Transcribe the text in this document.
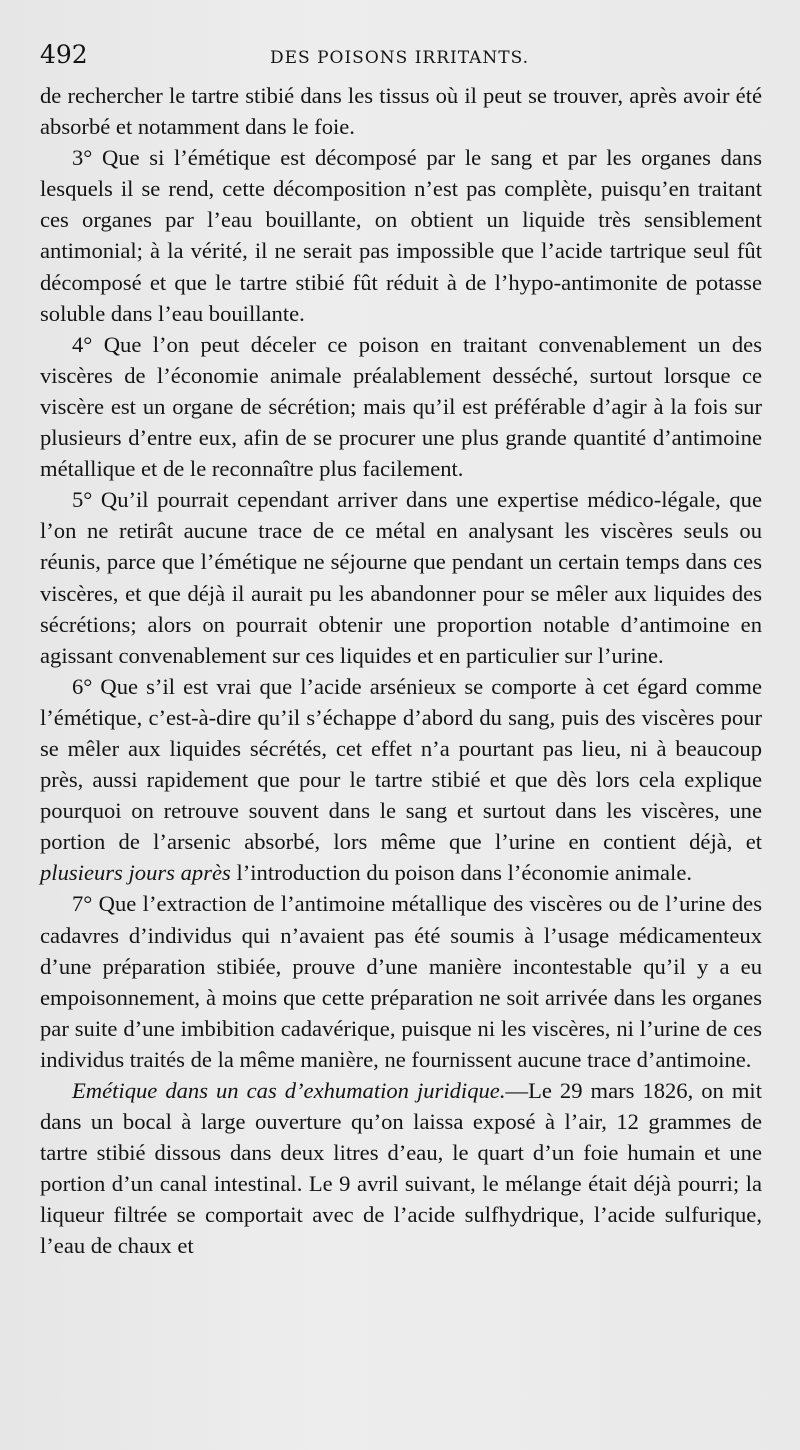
492	DES POISONS IRRITANTS.

de rechercher le tartre stibié dans les tissus où il peut se trouver, après avoir été absorbé et notamment dans le foie.

3° Que si l’émétique est décomposé par le sang et par les organes dans lesquels il se rend, cette décomposition n’est pas complète, puisqu’en traitant ces organes par l’eau bouillante, on obtient un liquide très sensiblement antimonial; à la vérité, il ne serait pas impossible que l’acide tartrique seul fût décomposé et que le tartre stibié fût réduit à de l’hypo-antimonite de potasse soluble dans l’eau bouillante.

4° Que l’on peut déceler ce poison en traitant convenablement un des viscères de l’économie animale préalablement desséché, surtout lorsque ce viscère est un organe de sécrétion; mais qu’il est préférable d’agir à la fois sur plusieurs d’entre eux, afin de se procurer une plus grande quantité d’antimoine métallique et de le reconnaître plus facilement.

5° Qu’il pourrait cependant arriver dans une expertise médico-légale, que l’on ne retirât aucune trace de ce métal en analysant les viscères seuls ou réunis, parce que l’émétique ne séjourne que pendant un certain temps dans ces viscères, et que déjà il aurait pu les abandonner pour se mêler aux liquides des sécrétions; alors on pourrait obtenir une proportion notable d’antimoine en agissant convenablement sur ces liquides et en particulier sur l’urine.

6° Que s’il est vrai que l’acide arsénieux se comporte à cet égard comme l’émétique, c’est-à-dire qu’il s’échappe d’abord du sang, puis des viscères pour se mêler aux liquides sécrétés, cet effet n’a pourtant pas lieu, ni à beaucoup près, aussi rapidement que pour le tartre stibié et que dès lors cela explique pourquoi on retrouve souvent dans le sang et surtout dans les viscères, une portion de l’arsenic absorbé, lors même que l’urine en contient déjà, et plusieurs jours après l’introduction du poison dans l’économie animale.

7° Que l’extraction de l’antimoine métallique des viscères ou de l’urine des cadavres d’individus qui n’avaient pas été soumis à l’usage médicamenteux d’une préparation stibiée, prouve d’une manière incontestable qu’il y a eu empoisonnement, à moins que cette préparation ne soit arrivée dans les organes par suite d’une imbibition cadavérique, puisque ni les viscères, ni l’urine de ces individus traités de la même manière, ne fournissent aucune trace d’antimoine.

Emétique dans un cas d’exhumation juridique.—Le 29 mars 1826, on mit dans un bocal à large ouverture qu’on laissa exposé à l’air, 12 grammes de tartre stibié dissous dans deux litres d’eau, le quart d’un foie humain et une portion d’un canal intestinal. Le 9 avril suivant, le mélange était déjà pourri; la liqueur filtrée se comportait avec de l’acide sulfhydrique, l’acide sulfurique, l’eau de chaux et
